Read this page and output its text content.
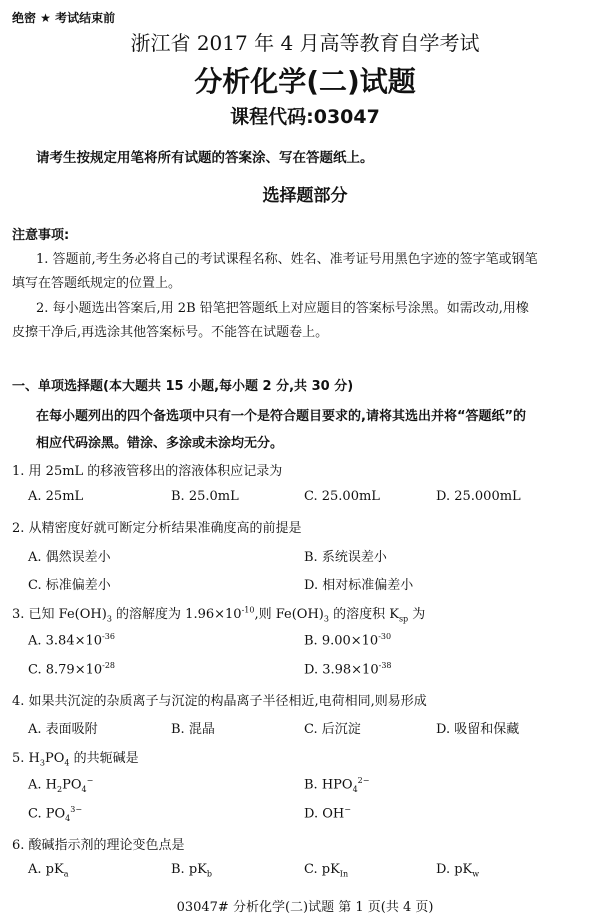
绝密 ★ 考试结束前
浙江省 2017 年 4 月高等教育自学考试
分析化学(二)试题
课程代码:03047
请考生按规定用笔将所有试题的答案涂、写在答题纸上。
选择题部分
注意事项:
1. 答题前,考生务必将自己的考试课程名称、姓名、准考证号用黑色字迹的签字笔或钢笔
填写在答题纸规定的位置上。
2. 每小题选出答案后,用 2B 铅笔把答题纸上对应题目的答案标号涂黑。如需改动,用橡
皮擦干净后,再选涂其他答案标号。不能答在试题卷上。
一、单项选择题(本大题共 15 小题,每小题 2 分,共 30 分)
在每小题列出的四个备选项中只有一个是符合题目要求的,请将其选出并将“答题纸”的
相应代码涂黑。错涂、多涂或未涂均无分。
1. 用 25mL 的移液管移出的溶液体积应记录为
A. 25mL	B. 25.0mL	C. 25.00mL	D. 25.000mL
2. 从精密度好就可断定分析结果准确度高的前提是
A. 偶然误差小	B. 系统误差小
C. 标准偏差小	D. 相对标准偏差小
3. 已知 $Fe(OH)_3$ 的溶解度为 $1.96\times 10^{-10}$,则 $Fe(OH)_3$ 的溶度积 $K_{sp}$ 为
A. $3.84\times 10^{-36}$	B. $9.00\times 10^{-30}$
C. $8.79\times 10^{-28}$	D. $3.98\times 10^{-38}$
4. 如果共沉淀的杂质离子与沉淀的构晶离子半径相近,电荷相同,则易形成
A. 表面吸附	B. 混晶	C. 后沉淀	D. 吸留和保藏
5. $H_3PO_4$ 的共轭碱是
A. $H_2PO_4^-$	B. $HPO_4^{2-}$
C. $PO_4^{3-}$	D. OH−
6. 酸碱指示剂的理论变色点是
A. $pK_a$	B. $pK_b$	C. $pK_{In}$	D. $pK_w$
03047# 分析化学(二)试题 第 1 页(共 4 页)
